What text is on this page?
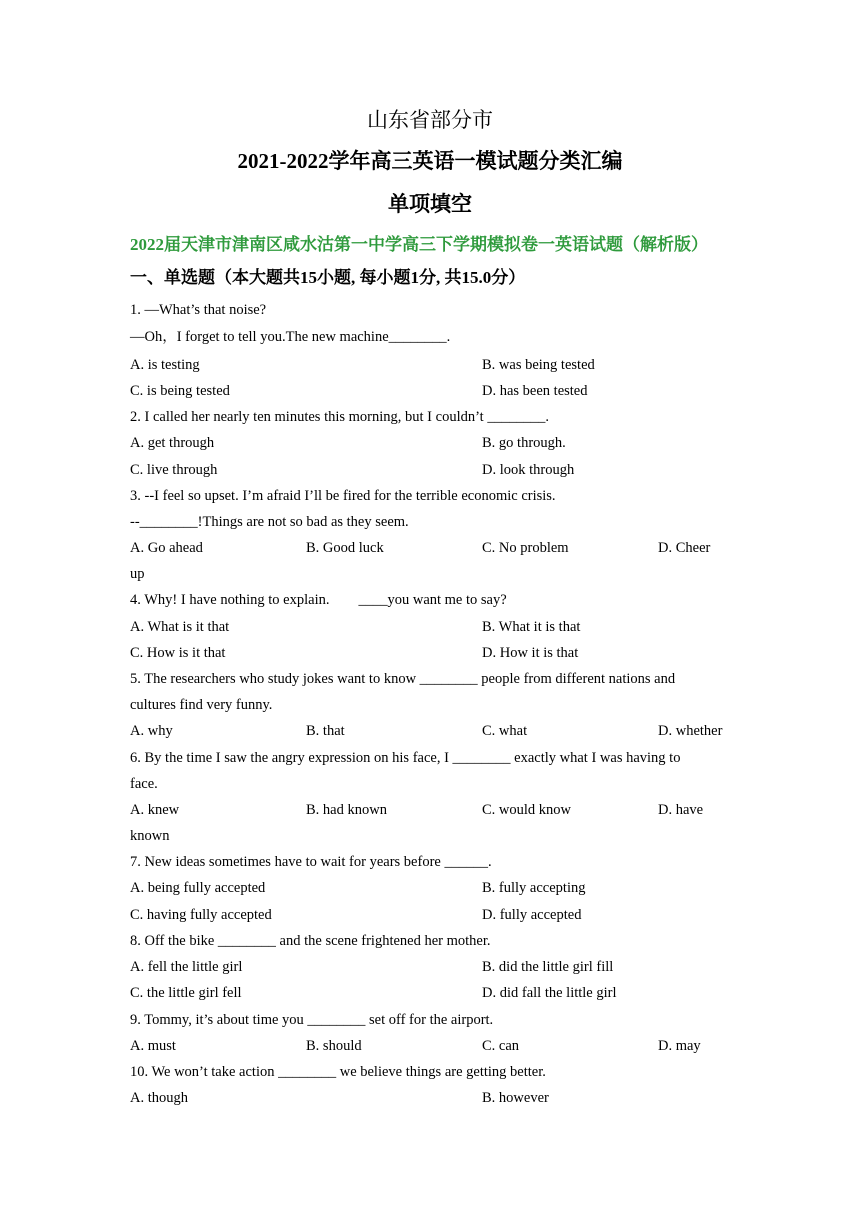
山东省部分市
2021-2022学年高三英语一模试题分类汇编
单项填空
2022届天津市津南区咸水沽第一中学高三下学期模拟卷一英语试题（解析版）
一、单选题（本大题共15小题, 每小题1分, 共15.0分）
1. —What’s that noise?
—Oh，I forget to tell you.The new machine________.
A. is testing	B. was being tested
C. is being tested	D. has been tested
2. I called her nearly ten minutes this morning, but I couldn’t ________.
A. get through	B. go through.
C. live through	D. look through
3. --I feel so upset. I’m afraid I’ll be fired for the terrible economic crisis.
--________!Things are not so bad as they seem.
A. Go ahead	B. Good luck	C. No problem	D. Cheer
up
4. Why! I have nothing to explain.        ____you want me to say?
A. What is it that	B. What it is that
C. How is it that	D. How it is that
5. The researchers who study jokes want to know ________ people from different nations and
cultures find very funny.
A. why	B. that	C. what	D. whether
6. By the time I saw the angry expression on his face, I ________ exactly what I was having to
face.
A. knew	B. had known	C. would know	D. have
known
7. New ideas sometimes have to wait for years before ______.
A. being fully accepted	B. fully accepting
C. having fully accepted	D. fully accepted
8. Off the bike ________ and the scene frightened her mother.
A. fell the little girl	B. did the little girl fill
C. the little girl fell	D. did fall the little girl
9. Tommy, it’s about time you ________ set off for the airport.
A. must	B. should	C. can	D. may
10. We won’t take action ________ we believe things are getting better.
A. though	B. however
